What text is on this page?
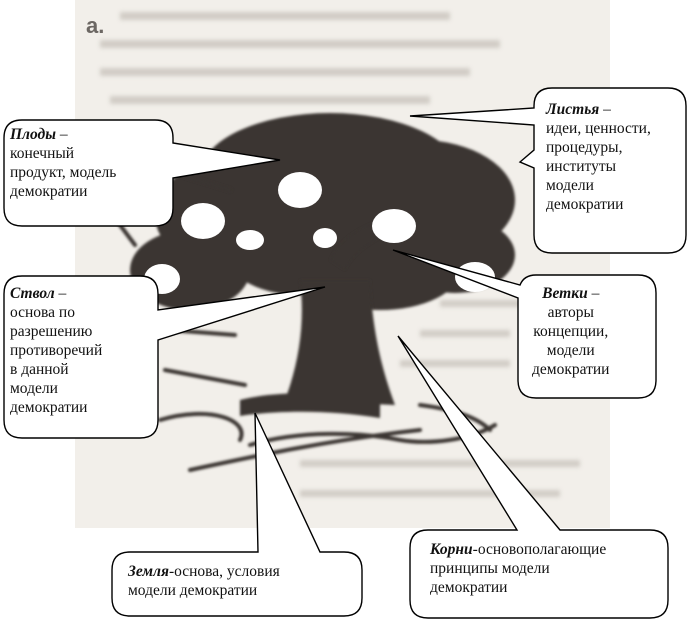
a.
Плоды –
конечный
продукт, модель
демократии
Листья –
идеи, ценности,
процедуры,
институты
модели
демократии
Ствол –
основа по
разрешению
противоречий
в данной
модели
демократии
Ветки –
авторы
концепции,
модели
демократии
Земля-основа, условия
модели демократии
Корни-основополагающие
принципы модели
демократии
